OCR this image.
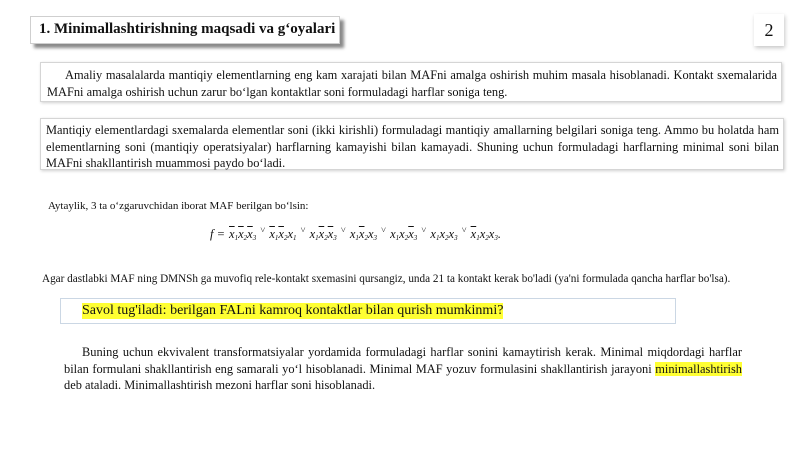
1. Minimallashtirishning maqsadi va g‘oyalari	2

Amaliy masalalarda mantiqiy elementlarning eng kam xarajati bilan MAFni amalga oshirish muhim masala hisoblanadi. Kontakt sxemalarida MAFni amalga oshirish uchun zarur bo‘lgan kontaktlar soni formuladagi harflar soniga teng.

Mantiqiy elementlardagi sxemalarda elementlar soni (ikki kirishli) formuladagi mantiqiy amallarning belgilari soniga teng. Ammo bu holatda ham elementlarning soni (mantiqiy operatsiyalar) harflarning kamayishi bilan kamayadi. Shuning uchun formuladagi harflarning minimal soni bilan MAFni shakllantirish muammosi paydo bo‘ladi.

Aytaylik, 3 ta o‘zgaruvchidan iborat MAF berilgan bo‘lsin:
$f = \overline{x}_1\overline{x}_2\overline{x}_3^˅$ $\overline{x}_1\overline{x}_2x_1^˅$ $x_1\overline{x}_2\overline{x}_3^˅$ $x_1\overline{x}_2x_3^˅$ $x_1x_2\overline{x}_3^˅$ $x_1x_2x_3^˅$ $\overline{x}_1x_2x_3$.
Agar dastlabki MAF ning DMNSh ga muvofiq rele-kontakt sxemasini qursangiz, unda 21 ta kontakt kerak bo'ladi (ya'ni formulada qancha harflar bo'lsa).
Savol tug'iladi: berilgan FALni kamroq kontaktlar bilan qurish mumkinmi?

Buning uchun ekvivalent transformatsiyalar yordamida formuladagi harflar sonini kamaytirish kerak. Minimal miqdordagi harflar bilan formulani shakllantirish eng samarali yo‘l hisoblanadi. Minimal MAF yozuv formulasini shakllantirish jarayoni minimallashtirish deb ataladi. Minimallashtirish mezoni harflar soni hisoblanadi.
